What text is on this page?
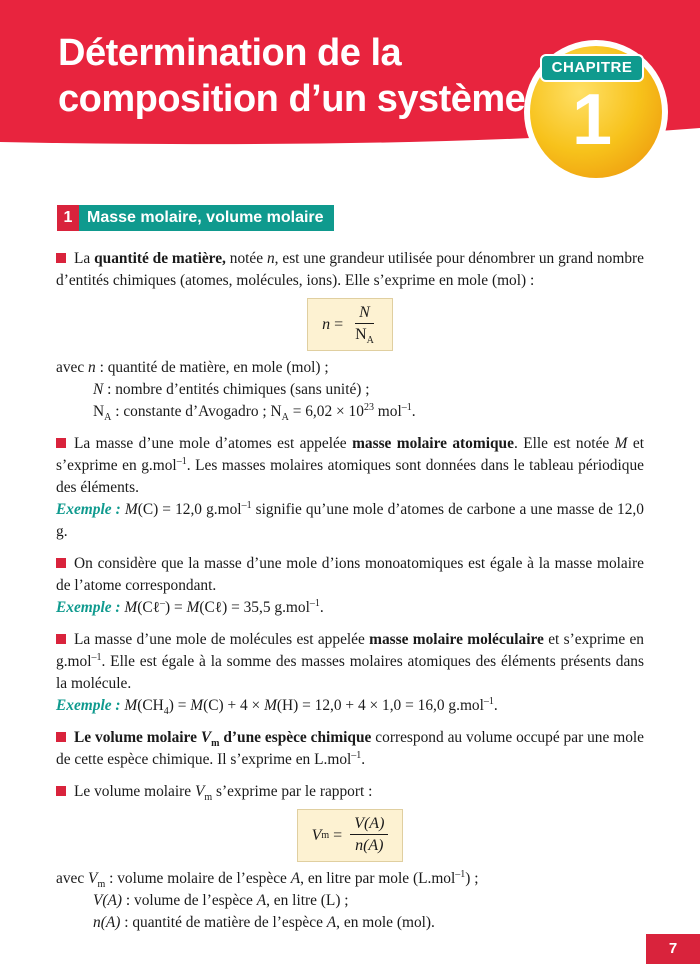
Détermination de la composition d’un système
CHAPITRE
1
1 Masse molaire, volume molaire

La quantité de matière, notée n, est une grandeur utilisée pour dénombrer un grand nombre d’entités chimiques (atomes, molécules, ions). Elle s’exprime en mole (mol) :

n
= $\frac{N}{N_A}$

avec n : quantité de matière, en mole (mol) ;

N : nombre d’entités chimiques (sans unité) ;

$N_A$ : constante d’Avogadro ; $N_A = 6,02 \times 10^{23}$ mol$^{-1}$.

La masse d’une mole d’atomes est appelée masse molaire atomique. Elle est notée M et s’exprime en g.mol$^{-1}$. Les masses molaires atomiques sont données dans le tableau périodique des éléments.

Exemple : M(C) = 12,0 g.mol$^{-1}$ signifie qu’une mole d’atomes de carbone a une masse de 12,0 g.

On considère que la masse d’une mole d’ions monoatomiques est égale à la masse molaire de l’atome correspondant.

Exemple : M(Cℓ–) = M(Cℓ) = 35,5 g.mol$^{-1}$.

La masse d’une mole de molécules est appelée masse molaire moléculaire et s’exprime en g.mol$^{-1}$. Elle est égale à la somme des masses molaires atomiques des éléments présents dans la molécule.

Exemple : $M(CH_4) = M(C) + 4 \times M(H) = 12,0 + 4 \times 1,0 = 16,0$ g.mol$^{-1}$.

Le volume molaire $V_m$ d’une espèce chimique correspond au volume occupé par une mole de cette espèce chimique. Il s’exprime en L.mol$^{-1}$.

Le volume molaire $V_m$ s’exprime par le rapport :

V m
= $\frac{V(A)}{n(A)}$

avec $V_m$ : volume molaire de l’espèce A, en litre par mole (L.mol$^{-1}$) ;

V(A) : volume de l’espèce A, en litre (L) ;

n(A) : quantité de matière de l’espèce A, en mole (mol).

7
